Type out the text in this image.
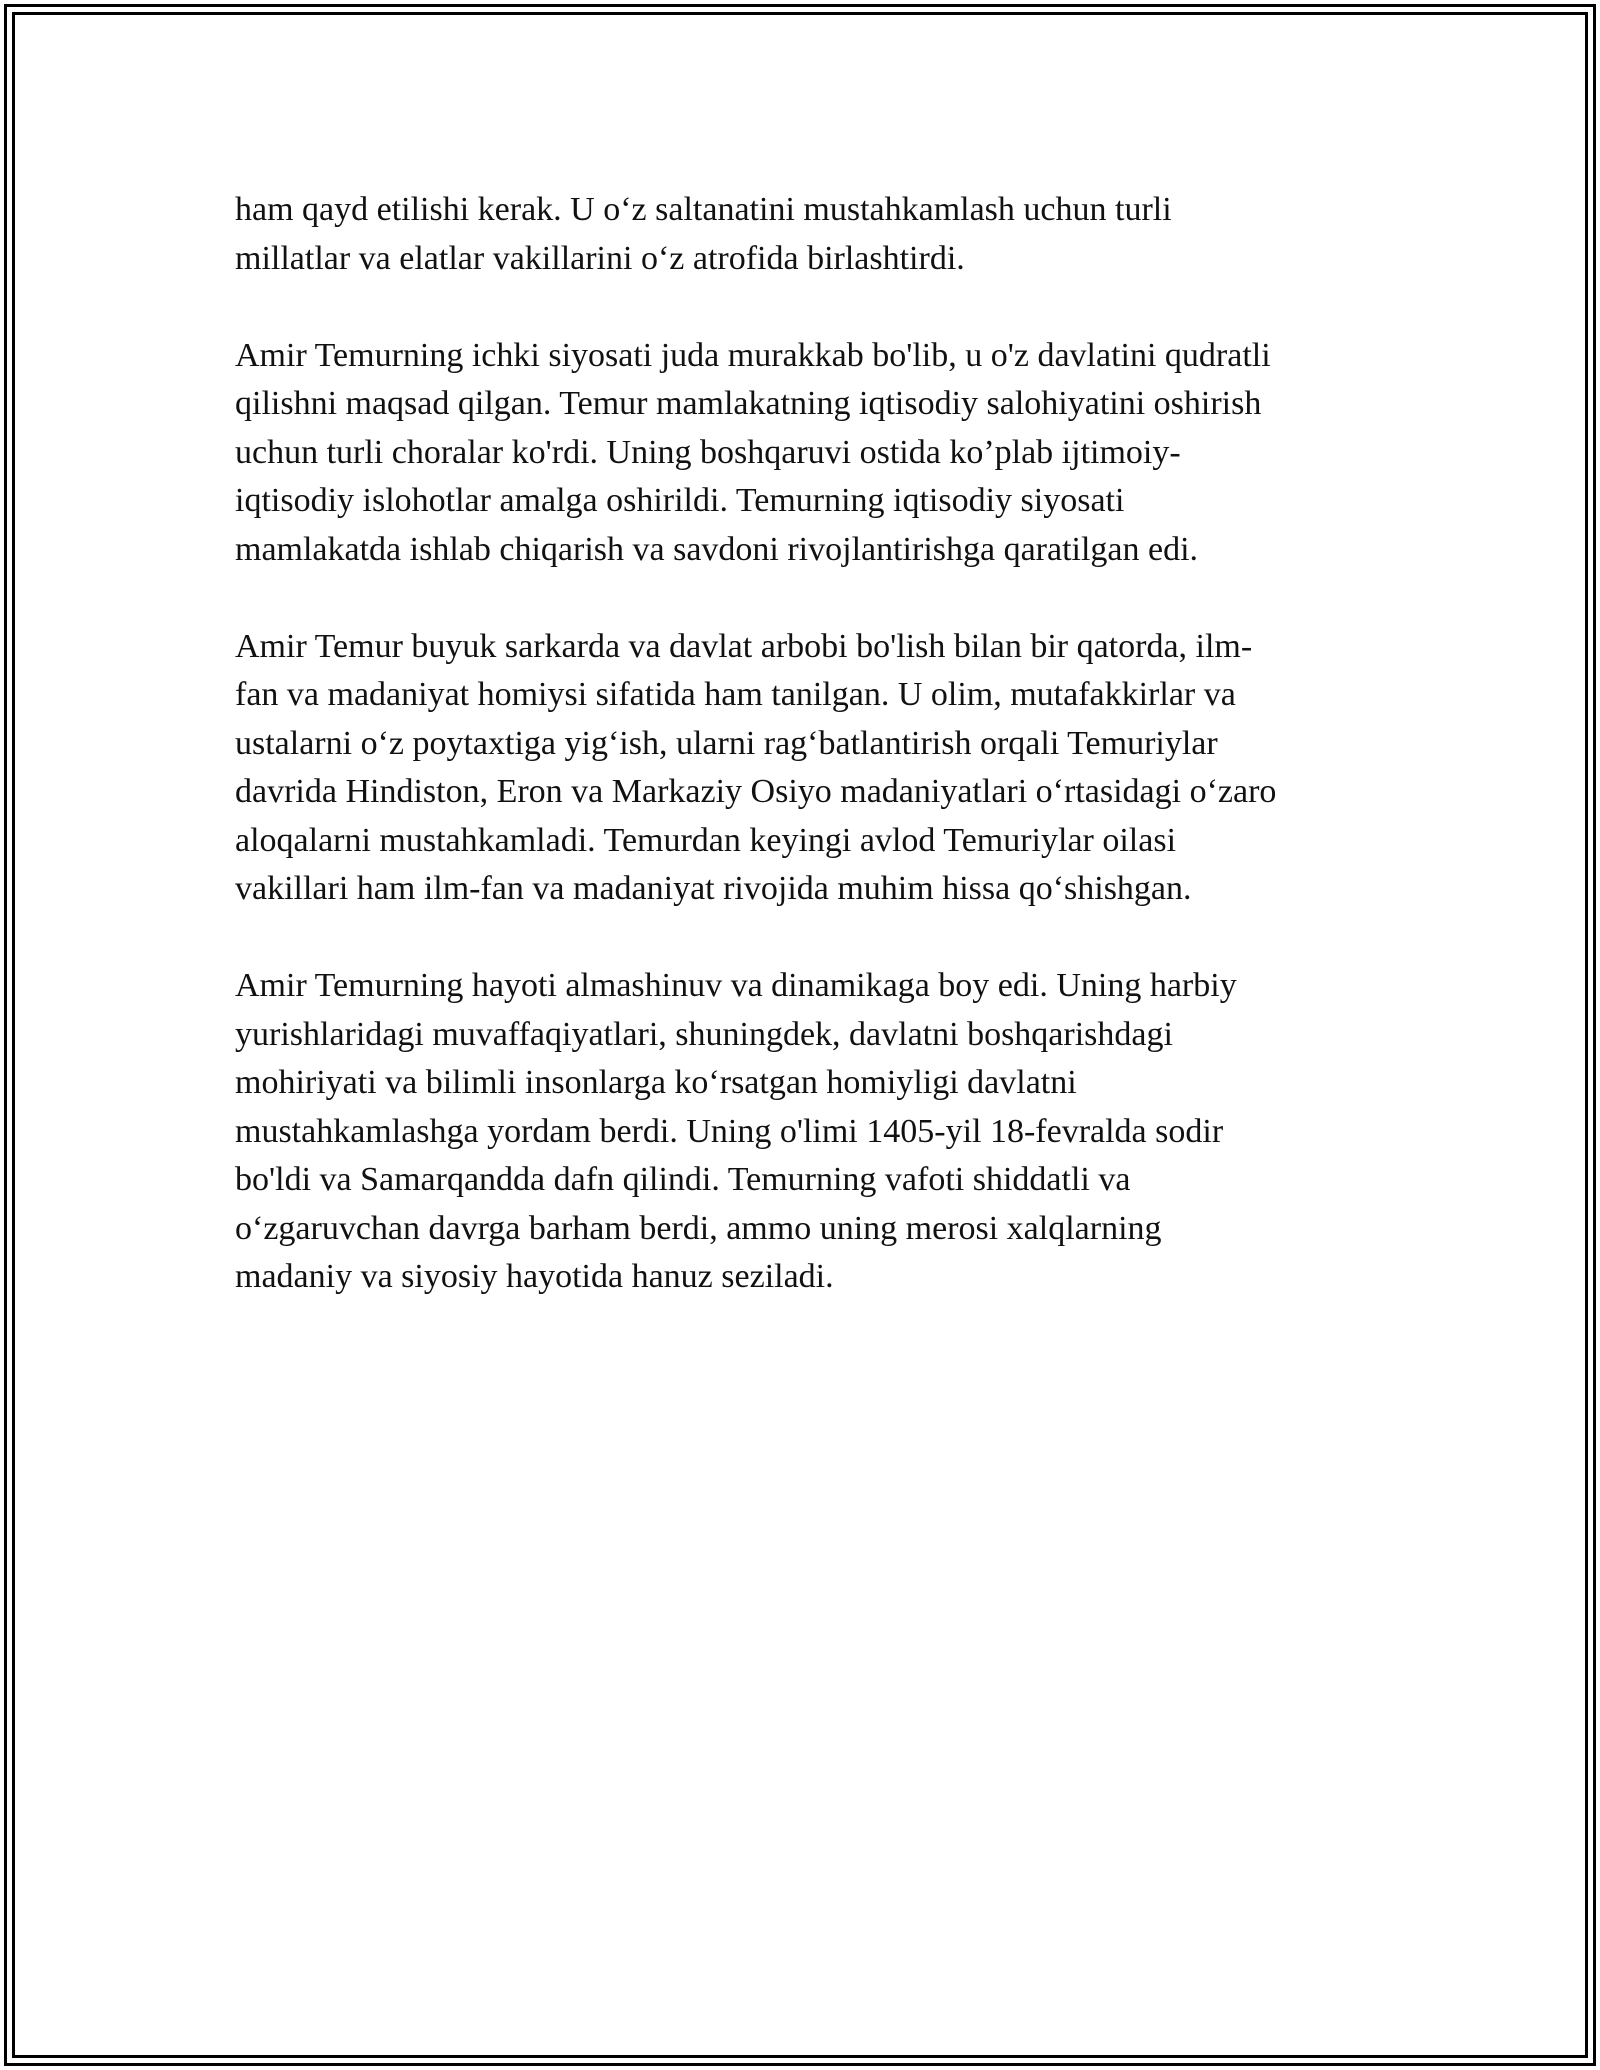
ham qayd etilishi kerak. U o‘z saltanatini mustahkamlash uchun turli
millatlar va elatlar vakillarini o‘z atrofida birlashtirdi.
Amir Temurning ichki siyosati juda murakkab bo'lib, u o'z davlatini qudratli
qilishni maqsad qilgan. Temur mamlakatning iqtisodiy salohiyatini oshirish
uchun turli choralar ko'rdi. Uning boshqaruvi ostida ko’plab ijtimoiy-
iqtisodiy islohotlar amalga oshirildi. Temurning iqtisodiy siyosati
mamlakatda ishlab chiqarish va savdoni rivojlantirishga qaratilgan edi.
Amir Temur buyuk sarkarda va davlat arbobi bo'lish bilan bir qatorda, ilm-
fan va madaniyat homiysi sifatida ham tanilgan. U olim, mutafakkirlar va
ustalarni o‘z poytaxtiga yig‘ish, ularni rag‘batlantirish orqali Temuriylar
davrida Hindiston, Eron va Markaziy Osiyo madaniyatlari o‘rtasidagi o‘zaro
aloqalarni mustahkamladi. Temurdan keyingi avlod Temuriylar oilasi
vakillari ham ilm-fan va madaniyat rivojida muhim hissa qo‘shishgan.
Amir Temurning hayoti almashinuv va dinamikaga boy edi. Uning harbiy
yurishlaridagi muvaffaqiyatlari, shuningdek, davlatni boshqarishdagi
mohiriyati va bilimli insonlarga ko‘rsatgan homiyligi davlatni
mustahkamlashga yordam berdi. Uning o'limi 1405-yil 18-fevralda sodir
bo'ldi va Samarqandda dafn qilindi. Temurning vafoti shiddatli va
o‘zgaruvchan davrga barham berdi, ammo uning merosi xalqlarning
madaniy va siyosiy hayotida hanuz seziladi.
